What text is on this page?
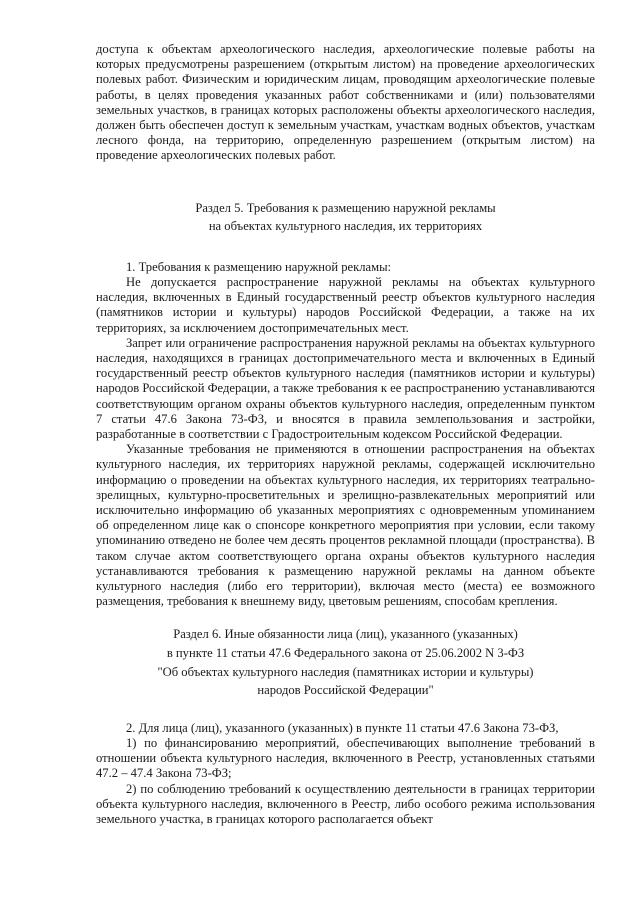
доступа к объектам археологического наследия, археологические полевые работы на которых предусмотрены разрешением (открытым листом) на проведение археологических полевых работ. Физическим и юридическим лицам, проводящим археологические полевые работы, в целях проведения указанных работ собственниками и (или) пользователями земельных участков, в границах которых расположены объекты археологического наследия, должен быть обеспечен доступ к земельным участкам, участкам водных объектов, участкам лесного фонда, на территорию, определенную разрешением (открытым листом) на проведение археологических полевых работ.

Раздел 5. Требования к размещению наружной рекламы

на объектах культурного наследия, их территориях

1. Требования к размещению наружной рекламы:

Не допускается распространение наружной рекламы на объектах культурного наследия, включенных в Единый государственный реестр объектов культурного наследия (памятников истории и культуры) народов Российской Федерации, а также на их территориях, за исключением достопримечательных мест.

Запрет или ограничение распространения наружной рекламы на объектах культурного наследия, находящихся в границах достопримечательного места и включенных в Единый государственный реестр объектов культурного наследия (памятников истории и культуры) народов Российской Федерации, а также требования к ее распространению устанавливаются соответствующим органом охраны объектов культурного наследия, определенным пунктом 7 статьи 47.6 Закона 73-ФЗ, и вносятся в правила землепользования и застройки, разработанные в соответствии с Градостроительным кодексом Российской Федерации.

Указанные требования не применяются в отношении распространения на объектах культурного наследия, их территориях наружной рекламы, содержащей исключительно информацию о проведении на объектах культурного наследия, их территориях театрально-зрелищных, культурно-просветительных и зрелищно-развлекательных мероприятий или исключительно информацию об указанных мероприятиях с одновременным упоминанием об определенном лице как о спонсоре конкретного мероприятия при условии, если такому упоминанию отведено не более чем десять процентов рекламной площади (пространства). В таком случае актом соответствующего органа охраны объектов культурного наследия устанавливаются требования к размещению наружной рекламы на данном объекте культурного наследия (либо его территории), включая место (места) ее возможного размещения, требования к внешнему виду, цветовым решениям, способам крепления.

Раздел 6. Иные обязанности лица (лиц), указанного (указанных)

в пункте 11 статьи 47.6 Федерального закона от 25.06.2002 N 3-ФЗ

"Об объектах культурного наследия (памятниках истории и культуры)

народов Российской Федерации"

2. Для лица (лиц), указанного (указанных) в пункте 11 статьи 47.6 Закона 73-ФЗ,

1) по финансированию мероприятий, обеспечивающих выполнение требований в отношении объекта культурного наследия, включенного в Реестр, установленных статьями 47.2 – 47.4 Закона 73-ФЗ;

2) по соблюдению требований к осуществлению деятельности в границах территории объекта культурного наследия, включенного в Реестр, либо особого режима использования земельного участка, в границах которого располагается объект
